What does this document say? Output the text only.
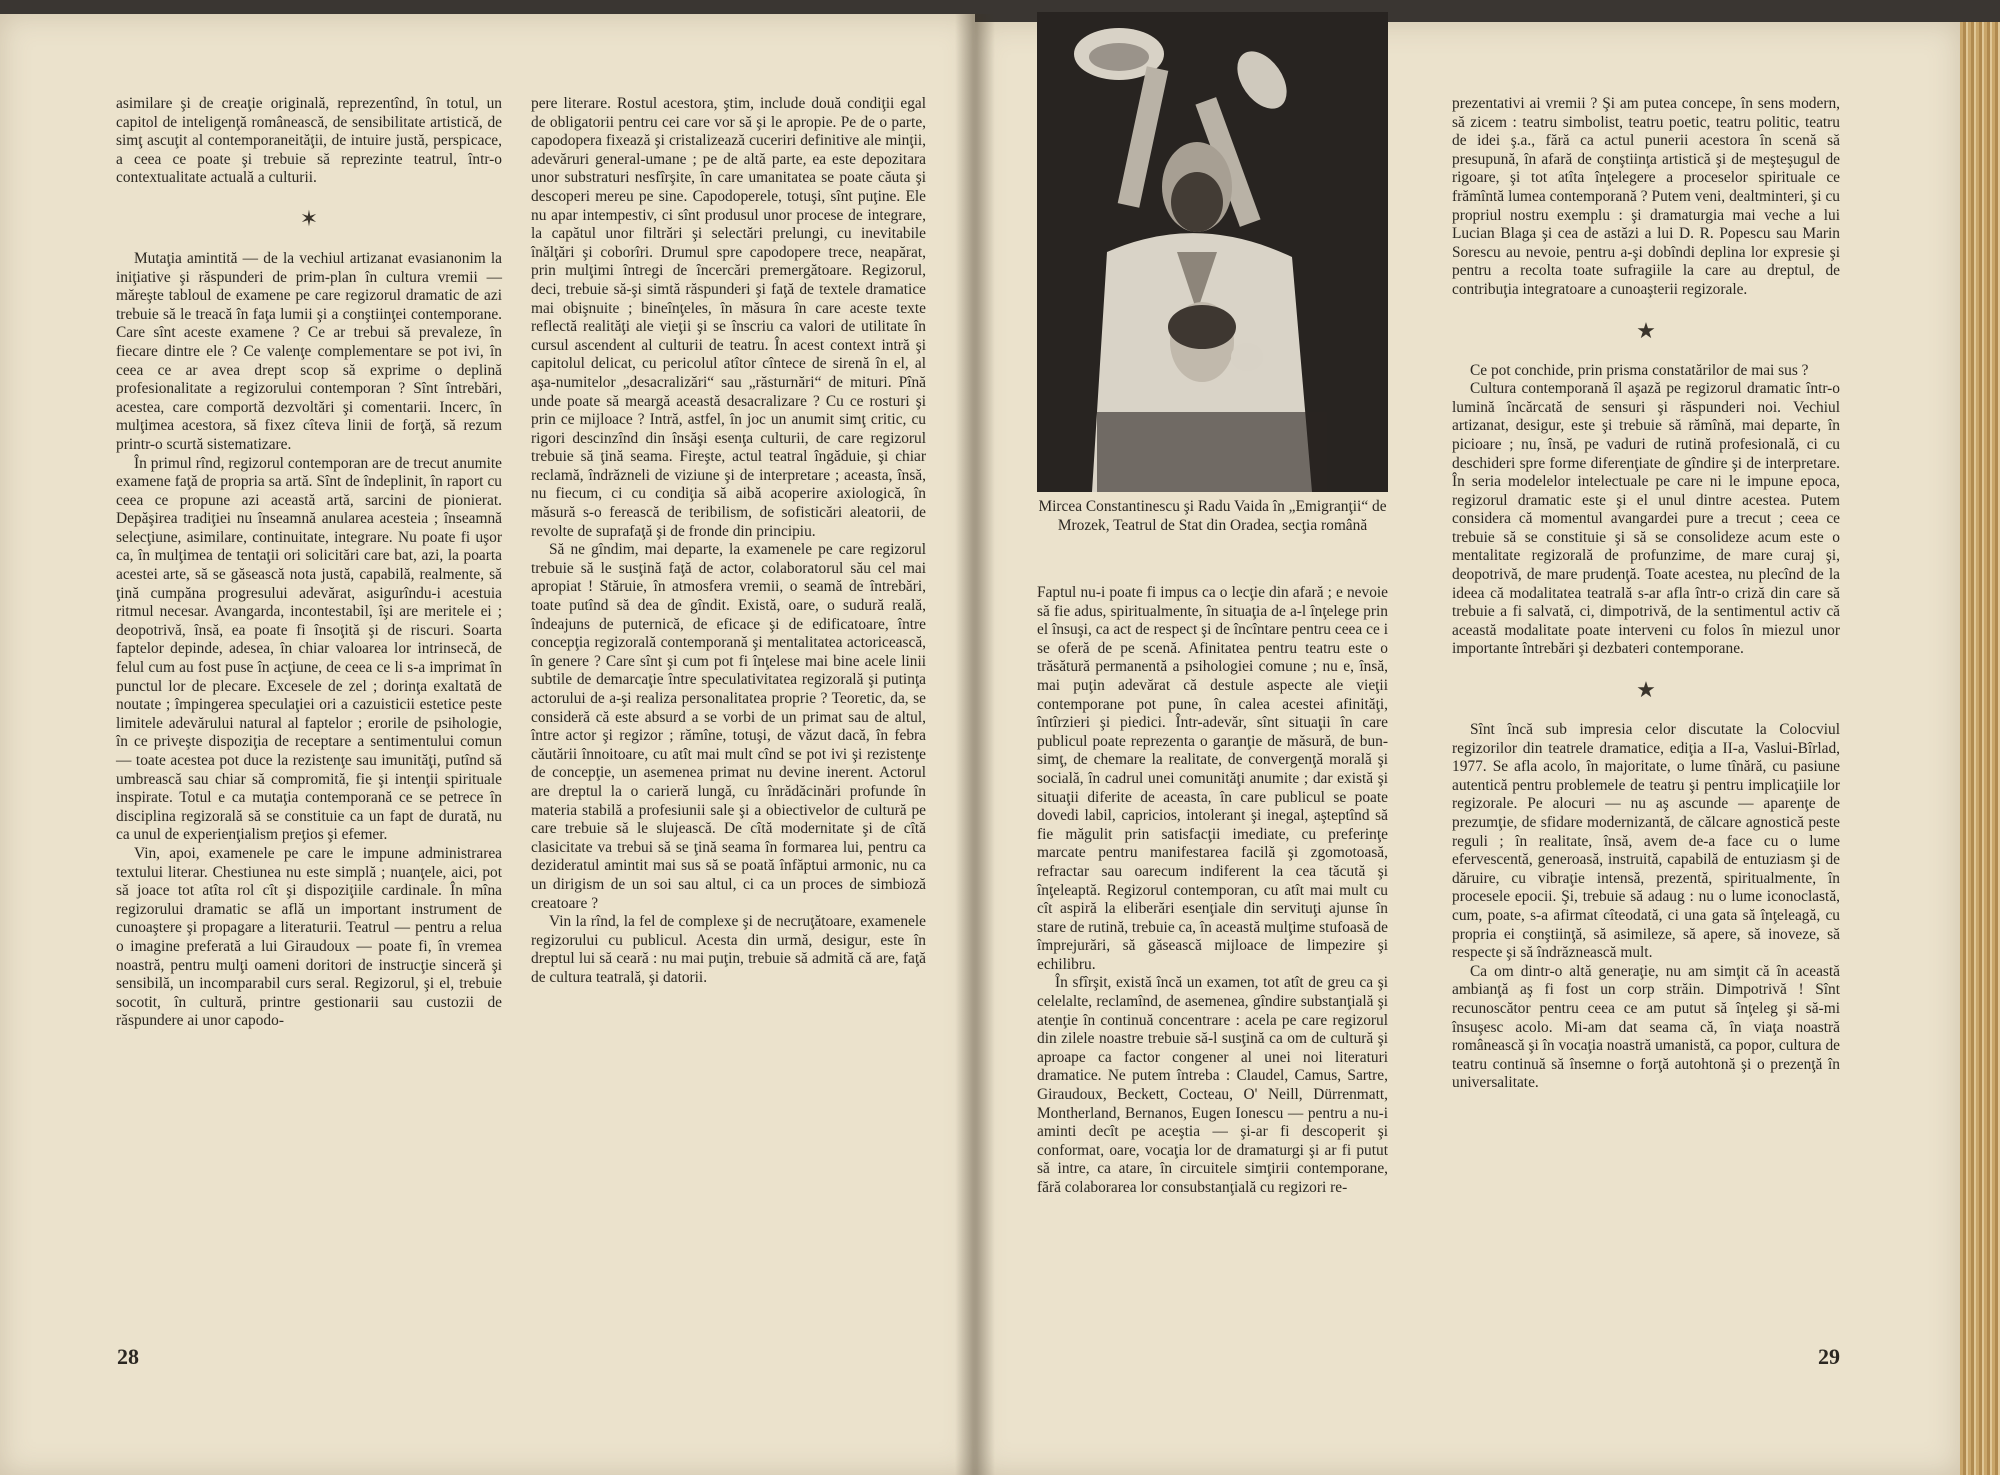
asimilare şi de creaţie originală, reprezentînd, în totul, un capitol de inteligenţă românească, de sensibilitate artistică, de simţ ascuţit al contemporaneităţii, de intuire justă, perspicace, a ceea ce poate şi trebuie să reprezinte teatrul, într-o contextualitate actuală a culturii.

✶

Mutaţia amintită — de la vechiul artizanat evasianonim la iniţiative şi răspunderi de prim-plan în cultura vremii — măreşte tabloul de examene pe care regizorul dramatic de azi trebuie să le treacă în faţa lumii şi a conştiinţei contemporane. Care sînt aceste examene ? Ce ar trebui să prevaleze, în fiecare dintre ele ? Ce valenţe complementare se pot ivi, în ceea ce ar avea drept scop să exprime o deplină profesionalitate a regizorului contemporan ? Sînt întrebări, acestea, care comportă dezvoltări şi comentarii. Incerc, în mulţimea acestora, să fixez cîteva linii de forţă, să rezum printr-o scurtă sistematizare.

În primul rînd, regizorul contemporan are de trecut anumite examene faţă de propria sa artă. Sînt de îndeplinit, în raport cu ceea ce propune azi această artă, sarcini de pionierat. Depăşirea tradiţiei nu înseamnă anularea acesteia ; înseamnă selecţiune, asimilare, continuitate, integrare. Nu poate fi uşor ca, în mulţimea de tentaţii ori solicitări care bat, azi, la poarta acestei arte, să se găsească nota justă, capabilă, realmente, să ţină cumpăna progresului adevărat, asigurîndu-i acestuia ritmul necesar. Avangarda, incontestabil, îşi are meritele ei ; deopotrivă, însă, ea poate fi însoţită şi de riscuri. Soarta faptelor depinde, adesea, în chiar valoarea lor intrinsecă, de felul cum au fost puse în acţiune, de ceea ce li s-a imprimat în punctul lor de plecare. Excesele de zel ; dorinţa exaltată de noutate ; împingerea speculaţiei ori a cazuisticii estetice peste limitele adevărului natural al faptelor ; erorile de psihologie, în ce priveşte dispoziţia de receptare a sentimentului comun — toate acestea pot duce la rezistenţe sau imunităţi, putînd să umbrească sau chiar să compromită, fie şi intenţii spirituale inspirate. Totul e ca mutaţia contemporană ce se petrece în disciplina regizorală să se constituie ca un fapt de durată, nu ca unul de experienţialism preţios şi efemer.

Vin, apoi, examenele pe care le impune administrarea textului literar. Chestiunea nu este simplă ; nuanţele, aici, pot să joace tot atîta rol cît şi dispoziţiile cardinale. În mîna regizorului dramatic se află un important instrument de cunoaştere şi propagare a literaturii. Teatrul — pentru a relua o imagine preferată a lui Giraudoux — poate fi, în vremea noastră, pentru mulţi oameni doritori de instrucţie sinceră şi sensibilă, un incomparabil curs seral. Regizorul, şi el, trebuie socotit, în cultură, printre gestionarii sau custozii de răspundere ai unor capodo-

pere literare. Rostul acestora, ştim, include două condiţii egal de obligatorii pentru cei care vor să şi le apropie. Pe de o parte, capodopera fixează şi cristalizează cuceriri definitive ale minţii, adevăruri general-umane ; pe de altă parte, ea este depozitara unor substraturi nesfîrşite, în care umanitatea se poate căuta şi descoperi mereu pe sine. Capodoperele, totuşi, sînt puţine. Ele nu apar intempestiv, ci sînt produsul unor procese de integrare, la capătul unor filtrări şi selectări prelungi, cu inevitabile înălţări şi coborîri. Drumul spre capodopere trece, neapărat, prin mulţimi întregi de încercări premergătoare. Regizorul, deci, trebuie să-şi simtă răspunderi şi faţă de textele dramatice mai obişnuite ; bineînţeles, în măsura în care aceste texte reflectă realităţi ale vieţii şi se înscriu ca valori de utilitate în cursul ascendent al culturii de teatru. În acest context intră şi capitolul delicat, cu pericolul atîtor cîntece de sirenă în el, al aşa-numitelor „desacralizări“ sau „răsturnări“ de mituri. Pînă unde poate să meargă această desacralizare ? Cu ce rosturi şi prin ce mijloace ? Intră, astfel, în joc un anumit simţ critic, cu rigori descinzînd din însăşi esenţa culturii, de care regizorul trebuie să ţină seama. Fireşte, actul teatral îngăduie, şi chiar reclamă, îndrăzneli de viziune şi de interpretare ; aceasta, însă, nu fiecum, ci cu condiţia să aibă acoperire axiologică, în măsură s-o ferească de teribilism, de sofisticări aleatorii, de revolte de suprafaţă şi de fronde din principiu.

Să ne gîndim, mai departe, la examenele pe care regizorul trebuie să le susţină faţă de actor, colaboratorul său cel mai apropiat ! Stăruie, în atmosfera vremii, o seamă de întrebări, toate putînd să dea de gîndit. Există, oare, o sudură reală, îndeajuns de puternică, de eficace şi de edificatoare, între concepţia regizorală contemporană şi mentalitatea actoricească, în genere ? Care sînt şi cum pot fi înţelese mai bine acele linii subtile de demarcaţie între speculativitatea regizorală şi putinţa actorului de a-şi realiza personalitatea proprie ? Teoretic, da, se consideră că este absurd a se vorbi de un primat sau de altul, între actor şi regizor ; rămîne, totuşi, de văzut dacă, în febra căutării înnoitoare, cu atît mai mult cînd se pot ivi şi rezistenţe de concepţie, un asemenea primat nu devine inerent. Actorul are dreptul la o carieră lungă, cu înrădăcinări profunde în materia stabilă a profesiunii sale şi a obiectivelor de cultură pe care trebuie să le slujească. De cîtă modernitate şi de cîtă clasicitate va trebui să se ţină seama în formarea lui, pentru ca dezideratul amintit mai sus să se poată înfăptui armonic, nu ca un dirigism de un soi sau altul, ci ca un proces de simbioză creatoare ?

Vin la rînd, la fel de complexe şi de necruţătoare, examenele regizorului cu publicul. Acesta din urmă, desigur, este în dreptul lui să ceară : nu mai puţin, trebuie să admită că are, faţă de cultura teatrală, şi datorii.

28
Mircea Constantinescu şi Radu Vaida în „Emigranţii“ de Mrozek, Teatrul de Stat din Oradea, secţia română

Faptul nu-i poate fi impus ca o lecţie din afară ; e nevoie să fie adus, spiritualmente, în situaţia de a-l înţelege prin el însuşi, ca act de respect şi de încîntare pentru ceea ce i se oferă de pe scenă. Afinitatea pentru teatru este o trăsătură permanentă a psihologiei comune ; nu e, însă, mai puţin adevărat că destule aspecte ale vieţii contemporane pot pune, în calea acestei afinităţi, întîrzieri şi piedici. Într-adevăr, sînt situaţii în care publicul poate reprezenta o garanţie de măsură, de bun-simţ, de chemare la realitate, de convergenţă morală şi socială, în cadrul unei comunităţi anumite ; dar există şi situaţii diferite de aceasta, în care publicul se poate dovedi labil, capricios, intolerant şi inegal, aşteptînd să fie măgulit prin satisfacţii imediate, cu preferinţe marcate pentru manifestarea facilă şi zgomotoasă, refractar sau oarecum indiferent la cea tăcută şi înţeleaptă. Regizorul contemporan, cu atît mai mult cu cît aspiră la eliberări esenţiale din servituţi ajunse în stare de rutină, trebuie ca, în această mulţime stufoasă de împrejurări, să găsească mijloace de limpezire şi echilibru.

În sfîrşit, există încă un examen, tot atît de greu ca şi celelalte, reclamînd, de asemenea, gîndire substanţială şi atenţie în continuă concentrare : acela pe care regizorul din zilele noastre trebuie să-l susţină ca om de cultură şi aproape ca factor congener al unei noi literaturi dramatice. Ne putem întreba : Claudel, Camus, Sartre, Giraudoux, Beckett, Cocteau, O' Neill, Dürrenmatt, Montherland, Bernanos, Eugen Ionescu — pentru a nu-i aminti decît pe aceştia — şi-ar fi descoperit şi conformat, oare, vocaţia lor de dramaturgi şi ar fi putut să intre, ca atare, în circuitele simţirii contemporane, fără colaborarea lor consubstanţială cu regizori re-

prezentativi ai vremii ? Şi am putea concepe, în sens modern, să zicem : teatru simbolist, teatru poetic, teatru politic, teatru de idei ş.a., fără ca actul punerii acestora în scenă să presupună, în afară de conştiinţa artistică şi de meşteşugul de rigoare, şi tot atîta înţelegere a proceselor spirituale ce frămîntă lumea contemporană ? Putem veni, dealtminteri, şi cu propriul nostru exemplu : şi dramaturgia mai veche a lui Lucian Blaga şi cea de astăzi a lui D. R. Popescu sau Marin Sorescu au nevoie, pentru a-şi dobîndi deplina lor expresie şi pentru a recolta toate sufragiile la care au dreptul, de contribuţia integratoare a cunoaşterii regizorale.

★

Ce pot conchide, prin prisma constatărilor de mai sus ?

Cultura contemporană îl aşază pe regizorul dramatic într-o lumină încărcată de sensuri şi răspunderi noi. Vechiul artizanat, desigur, este şi trebuie să rămînă, mai departe, în picioare ; nu, însă, pe vaduri de rutină profesională, ci cu deschideri spre forme diferenţiate de gîndire şi de interpretare. În seria modelelor intelectuale pe care ni le impune epoca, regizorul dramatic este şi el unul dintre acestea. Putem considera că momentul avangardei pure a trecut ; ceea ce trebuie să se constituie şi să se consolideze acum este o mentalitate regizorală de profunzime, de mare curaj şi, deopotrivă, de mare prudenţă. Toate acestea, nu plecînd de la ideea că modalitatea teatrală s-ar afla într-o criză din care să trebuie a fi salvată, ci, dimpotrivă, de la sentimentul activ că această modalitate poate interveni cu folos în miezul unor importante întrebări şi dezbateri contemporane.

★

Sînt încă sub impresia celor discutate la Colocviul regizorilor din teatrele dramatice, ediţia a II-a, Vaslui-Bîrlad, 1977. Se afla acolo, în majoritate, o lume tînără, cu pasiune autentică pentru problemele de teatru şi pentru implicaţiile lor regizorale. Pe alocuri — nu aş ascunde — aparenţe de prezumţie, de sfidare modernizantă, de călcare agnostică peste reguli ; în realitate, însă, avem de-a face cu o lume efervescentă, generoasă, instruită, capabilă de entuziasm şi de dăruire, cu vibraţie intensă, prezentă, spiritualmente, în procesele epocii. Şi, trebuie să adaug : nu o lume iconoclastă, cum, poate, s-a afirmat cîteodată, ci una gata să înţeleagă, cu propria ei conştiinţă, să asimileze, să apere, să inoveze, să respecte şi să îndrăznească mult.

Ca om dintr-o altă generaţie, nu am simţit că în această ambianţă aş fi fost un corp străin. Dimpotrivă ! Sînt recunoscător pentru ceea ce am putut să înţeleg şi să-mi însuşesc acolo. Mi-am dat seama că, în viaţa noastră românească şi în vocaţia noastră umanistă, ca popor, cultura de teatru continuă să însemne o forţă autohtonă şi o prezenţă în universalitate.

29
